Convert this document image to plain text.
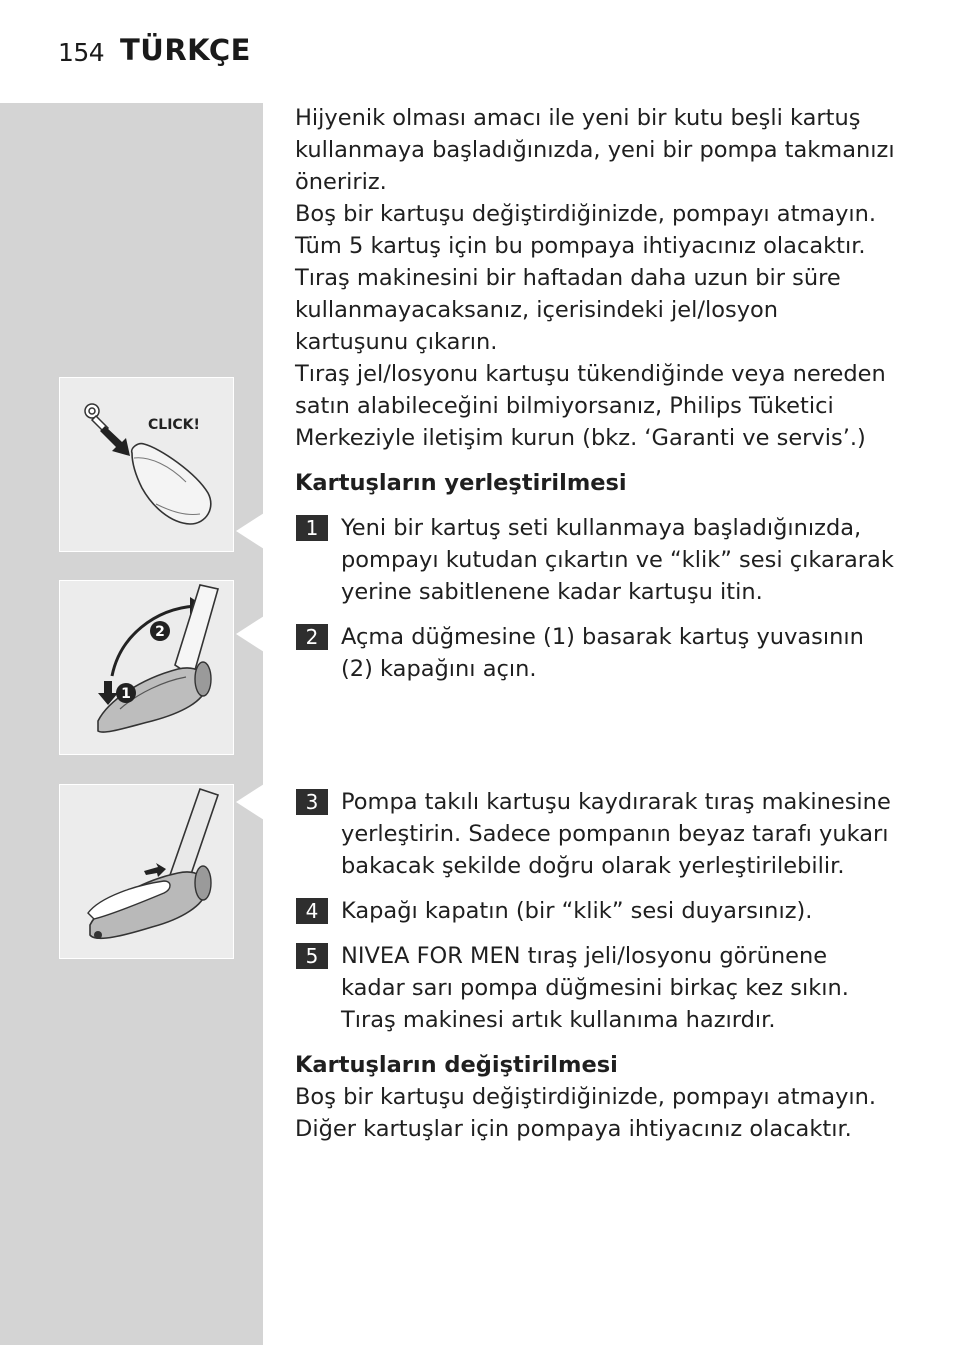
154 TÜRKÇE
CLICK!
2
1

Hijyenik olması amacı ile yeni bir kutu beşli kartuş kullanmaya başladığınızda, yeni bir pompa takmanızı öneririz.

Boş bir kartuşu değiştirdiğinizde, pompayı atmayın. Tüm 5 kartuş için bu pompaya ihtiyacınız olacaktır.

Tıraş makinesini bir haftadan daha uzun bir süre kullanmayacaksanız, içerisindeki jel/losyon kartuşunu çıkarın.

Tıraş jel/losyonu kartuşu tükendiğinde veya nereden satın alabileceğini bilmiyorsanız, Philips Tüketici Merkeziyle iletişim kurun (bkz. ‘Garanti ve servis’.)

Kartuşların yerleştirilmesi

1	Yeni bir kartuş seti kullanmaya başladığınızda, pompayı kutudan çıkartın ve “klik” sesi çıkararak yerine sabitlenene kadar kartuşu itin.
2	Açma düğmesine (1) basarak kartuş yuvasının (2) kapağını açın.
3	Pompa takılı kartuşu kaydırarak tıraş makinesine yerleştirin. Sadece pompanın beyaz tarafı yukarı bakacak şekilde doğru olarak yerleştirilebilir.
4	Kapağı kapatın (bir “klik” sesi duyarsınız).
5	NIVEA FOR MEN tıraş jeli/losyonu görünene kadar sarı pompa düğmesini birkaç kez sıkın. Tıraş makinesi artık kullanıma hazırdır.

Kartuşların değiştirilmesi

Boş bir kartuşu değiştirdiğinizde, pompayı atmayın. Diğer kartuşlar için pompaya ihtiyacınız olacaktır.
